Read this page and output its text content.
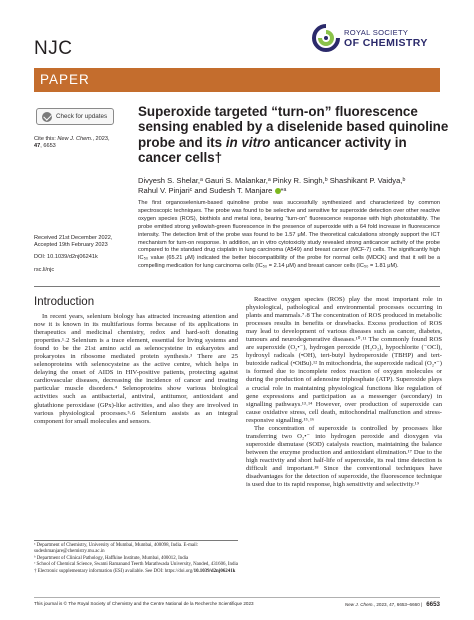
NJC
ROYAL SOCIETY
OF CHEMISTRY
PAPER
Check for updates
Cite this: New J. Chem., 2023,
47, 6653
Received 21st December 2022,
Accepted 19th February 2023
DOI: 10.1039/d2nj06241k
rsc.li/njc
Superoxide targeted “turn-on” fluorescence sensing enabled by a diselenide based quinoline probe and its in vitro anticancer activity in cancer cells†
Divyesh S. Shelar,ᵃ Gauri S. Malankar,ᵃ Pinky R. Singh,ᵇ Shashikant P. Vaidya,ᵇ
Rahul V. Pinjariᶜ and Sudesh T. Manjare *ᵃ

The first organoselenium-based quinoline probe was successfully synthesized and characterized by common spectroscopic techniques. The probe was found to be selective and sensitive for superoxide detection over other reactive oxygen species (ROS), biothiols and metal ions, bearing “turn-on” fluorescence response with high photostability. The probe emitted strong yellowish-green fluorescence in the presence of superoxide with a 64 fold increase in fluorescence intensity. The detection limit of the probe was found to be 1.57 μM. The theoretical calculations strongly support the ICT mechanism for turn-on response. In addition, an in vitro cytotoxicity study revealed strong anticancer activity of the probe compared to the standard drug cisplatin in lung carcinoma (A549) and breast cancer (MCF-7) cells. The significantly high IC₅₀ value (65.21 μM) indicated the better biocompatibility of the probe for normal cells (MDCK) and that it will be a compelling medication for lung carcinoma cells (IC₅₀ = 2.14 μM) and breast cancer cells (IC₅₀ = 1.81 μM).

Introduction

In recent years, selenium biology has attracted increasing attention and now it is known in its multifarious forms because of its applications in therapeutics and medicinal chemistry, redox and hard-soft donating properties.¹˒2 Selenium is a trace element, essential for living systems and found to be the 21st amino acid as selenocysteine in eukaryotes and prokaryotes in ribosome mediated protein synthesis.³ There are 25 selenoproteins with selenocysteine as the active centre, which helps in delaying the onset of AIDS in HIV-positive patients, protecting against cardiovascular diseases, decreasing the incidence of cancer and treating particular muscle disorders.⁴ Selenoproteins show various biological activities such as antibacterial, antiviral, antitumor, antioxidant and glutathione peroxidase (GPx)-like activities, and also they are involved in various physiological processes.⁵˒6 Selenium assists as an integral component for small molecules and sensors.

Reactive oxygen species (ROS) play the most important role in physiological, pathological and environmental processes occurring in plants and mammals.⁷˒8 The concentration of ROS produced in metabolic processes results in benefits or drawbacks. Excess production of ROS may lead to development of various diseases such as cancer, diabetes, tumours and neurodegenerative diseases.¹⁰˒¹¹ The commonly found ROS are superoxide (O₂•⁻), hydrogen peroxide (H₂O₂), hypochlorite (⁻OCl), hydroxyl radicals (•OH), tert-butyl hydroperoxide (TBHP) and tert-butoxide radical (•OtBu).¹² In mitochondria, the superoxide radical (O₂•⁻) is formed due to incomplete redox reaction of oxygen molecules or during the production of adenosine triphosphate (ATP). Superoxide plays a crucial role in maintaining physiological functions like regulation of gene expressions and participation as a messenger (secondary) in signalling pathways.¹³˒¹⁴ However, over production of superoxide can cause oxidative stress, cell death, mitochondrial malfunction and stress-responsive signalling.¹⁵˒¹⁶

The concentration of superoxide is controlled by processes like transferring two O₂•⁻ into hydrogen peroxide and dioxygen via superoxide dismutase (SOD) catalysis reaction, maintaining the balance between the enzyme production and antioxidant elimination.¹⁷ Due to the high reactivity and short half-life of superoxide, its real time detection is difficult and important.¹⁸ Since the conventional techniques have disadvantages for the detection of superoxide, the fluorescence technique is used due to its rapid response, high sensitivity and selectivity.¹⁹

ᵃ Department of Chemistry, University of Mumbai, Mumbai, 400098, India. E-mail: sudeshmanjare@chemistry.mu.ac.in
ᵇ Department of Clinical Pathology, Haffkine Institute, Mumbai, 400012, India
ᶜ School of Chemical Science, Swami Ramanand Teerth Marathwada University, Nanded, 431606, India
† Electronic supplementary information (ESI) available. See DOI: https://doi.org/10.1039/d2nj06241k
This journal is © The Royal Society of Chemistry and the Centre National de la Recherche Scientifique 2023	New J. Chem., 2023, 47, 6653–6660 | 6653
